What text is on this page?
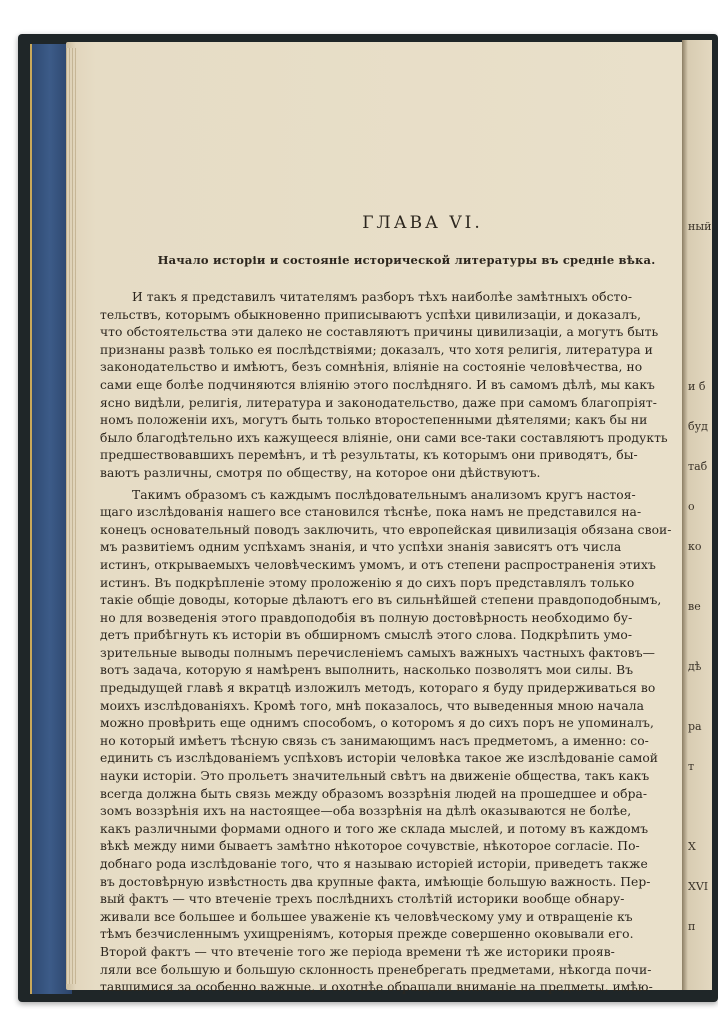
ный
и б
буд
таб
о
ко
ве
дѣ
ра
т
X
XVI
п
ГЛАВА VI.
Начало исторіи и состояніе исторической литературы въ средніе вѣка.
И такъ я представилъ читателямъ разборъ тѣхъ наиболѣе замѣтныхъ обсто-
тельствъ, которымъ обыкновенно приписываютъ успѣхи цивилизаціи, и доказалъ,
что обстоятельства эти далеко не составляютъ причины цивилизаціи, а могутъ быть
признаны развѣ только ея послѣдствіями; доказалъ, что хотя религія, литература и
законодательство и имѣютъ, безъ сомнѣнія, вліяніе на состояніе человѣчества, но
сами еще болѣе подчиняются вліянію этого послѣдняго. И въ самомъ дѣлѣ, мы какъ
ясно видѣли, религія, литература и законодательство, даже при самомъ благопріят-
номъ положеніи ихъ, могутъ быть только второстепенными дѣятелями; какъ бы ни
было благодѣтельно ихъ кажущееся вліяніе, они сами все-таки составляютъ продукть
предшествовавшихъ перемѣнъ, и тѣ результаты, къ которымъ они приводятъ, бы-
ваютъ различны, смотря по обществу, на которое они дѣйствуютъ.
Такимъ образомъ съ каждымъ послѣдовательнымъ анализомъ кругъ настоя-
щаго изслѣдованія нашего все становился тѣснѣе, пока намъ не представился на-
конецъ основательный поводъ заключить, что европейская цивилизація обязана свои-
мъ развитіемъ одним успѣхамъ знанія, и что успѣхи знанія зависятъ отъ числа
истинъ, открываемыхъ человѣческимъ умомъ, и отъ степени распространенія этихъ
истинъ. Въ подкрѣпленіе этому проложенію я до сихъ поръ представлялъ только
такіе общіе доводы, которые дѣлаютъ его въ сильнѣйшей степени правдоподобнымъ,
но для возведенія этого правдоподобія въ полную достовѣрность необходимо бу-
детъ прибѣгнуть къ исторіи въ обширномъ смыслѣ этого слова. Подкрѣпить умо-
зрительные выводы полнымъ перечисленіемъ самыхъ важныхъ частныхъ фактовъ—
вотъ задача, которую я намѣренъ выполнить, насколько позволятъ мои силы. Въ
предыдущей главѣ я вкратцѣ изложилъ методъ, котораго я буду придерживаться во
моихъ изслѣдованіяхъ. Кромѣ того, мнѣ показалось, что выведенныя мною начала
можно провѣрить еще однимъ способомъ, о которомъ я до сихъ поръ не упоминалъ,
но который имѣетъ тѣсную связь съ занимающимъ насъ предметомъ, а именно: со-
единить съ изслѣдованіемъ успѣховъ исторіи человѣка такое же изслѣдованіе самой
науки исторіи. Это прольетъ значительный свѣтъ на движеніе общества, такъ какъ
всегда должна быть связь между образомъ воззрѣнія людей на прошедшее и обра-
зомъ воззрѣнія ихъ на настоящее—оба воззрѣнія на дѣлѣ оказываются не болѣе,
какъ различными формами одного и того же склада мыслей, и потому въ каждомъ
вѣкѣ между ними бываетъ замѣтно нѣкоторое сочувствіе, нѣкоторое согласіе. По-
добнаго рода изслѣдованіе того, что я называю исторіей исторіи, приведетъ также
въ достовѣрную извѣстность два крупные факта, имѣющіе большую важность. Пер-
вый фактъ — что втеченіе трехъ послѣднихъ столѣтій историки вообще обнару-
живали все большее и большее уваженіе къ человѣческому уму и отвращеніе къ
тѣмъ безчисленнымъ ухищреніямъ, которыя прежде совершенно оковывали его.
Второй фактъ — что втеченіе того же періода времени тѣ же историки прояв-
ляли все большую и большую склонность пренебрегать предметами, нѣкогда почи-
тавшимися за особенно важные, и охотнѣе обращали вниманіе на предметы, имѣю-
